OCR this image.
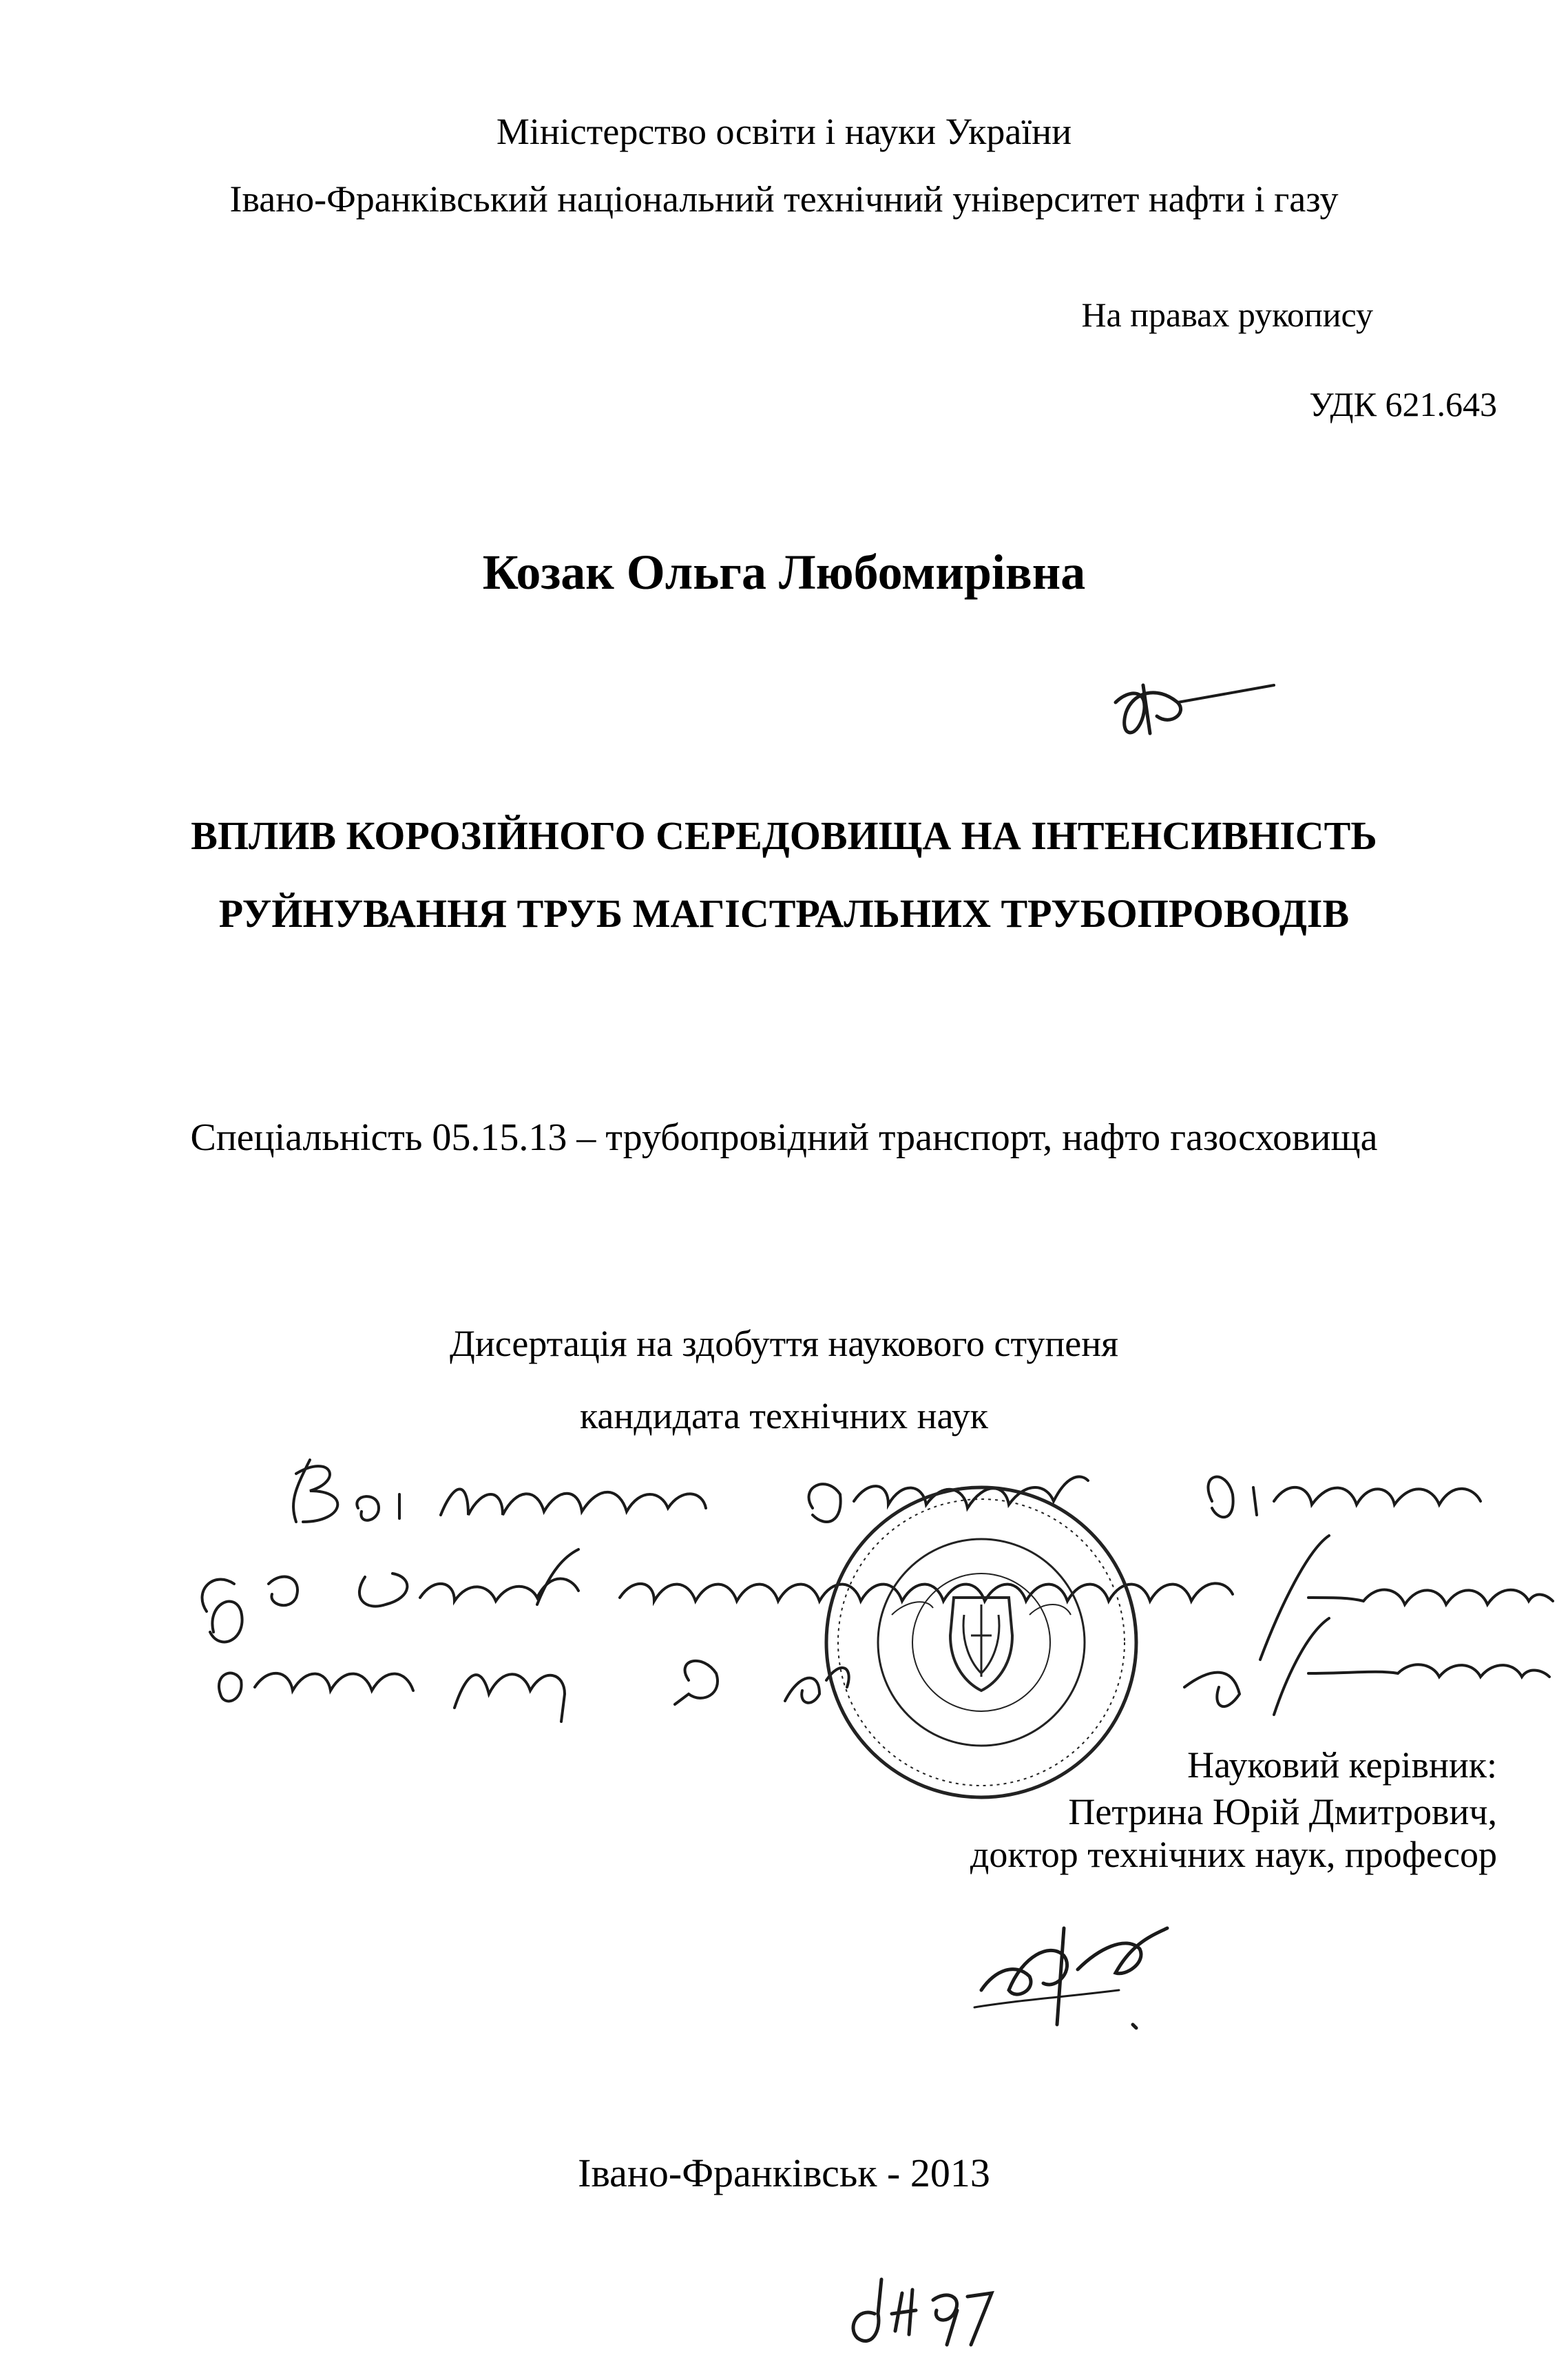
Міністерство освіти і науки України
Івано-Франківський національний технічний університет нафти і газу
На правах рукопису
УДК 621.643
Козак Ольга Любомирівна
ВПЛИВ КОРОЗІЙНОГО СЕРЕДОВИЩА НА ІНТЕНСИВНІСТЬ
РУЙНУВАННЯ ТРУБ МАГІСТРАЛЬНИХ ТРУБОПРОВОДІВ
Спеціальність 05.15.13 – трубопровідний транспорт, нафто газосховища
Дисертація на здобуття наукового ступеня
кандидата технічних наук
Науковий керівник:
Петрина Юрій Дмитрович,
доктор технічних наук, професор
Івано-Франківськ - 2013
